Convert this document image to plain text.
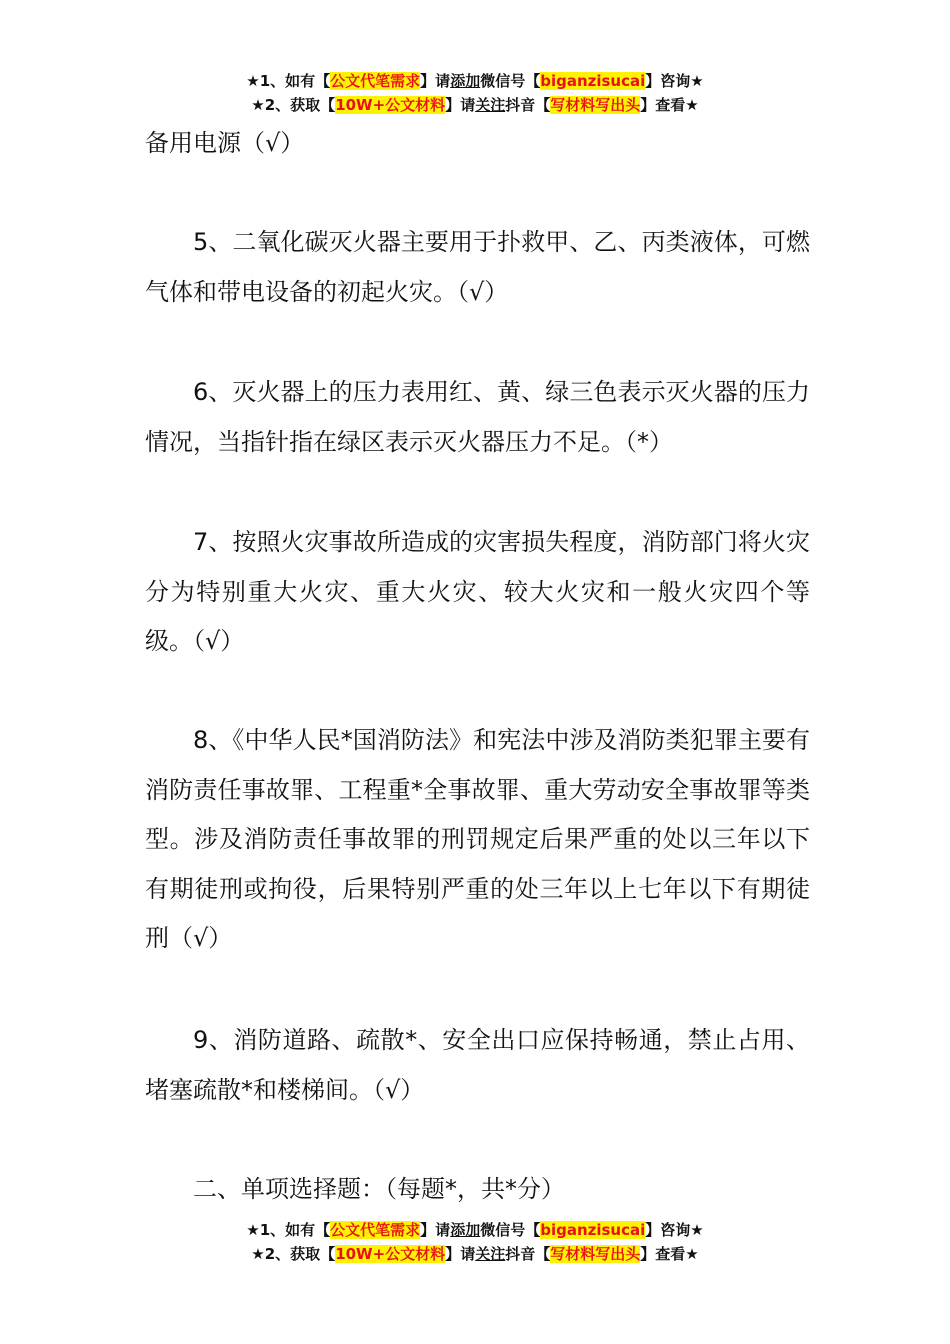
★1、如有【公文代笔需求】请添加微信号【biganzisucai】咨询★
★2、获取【10W+公文材料】请关注抖音【写材料写出头】查看★
备用电源（√）
5、二氧化碳灭火器主要用于扑救甲、乙、丙类液体，可燃气体和带电设备的初起火灾。（√）
6、灭火器上的压力表用红、黄、绿三色表示灭火器的压力情况，当指针指在绿区表示灭火器压力不足。（*）
7、按照火灾事故所造成的灾害损失程度，消防部门将火灾分为特别重大火灾、重大火灾、较大火灾和一般火灾四个等级。（√）
8、《中华人民*国消防法》和宪法中涉及消防类犯罪主要有消防责任事故罪、工程重*全事故罪、重大劳动安全事故罪等类型。涉及消防责任事故罪的刑罚规定后果严重的处以三年以下有期徒刑或拘役，后果特别严重的处三年以上七年以下有期徒刑（√）
9、消防道路、疏散*、安全出口应保持畅通，禁止占用、堵塞疏散*和楼梯间。（√）
二、单项选择题：（每题*，共*分）
★1、如有【公文代笔需求】请添加微信号【biganzisucai】咨询★
★2、获取【10W+公文材料】请关注抖音【写材料写出头】查看★
